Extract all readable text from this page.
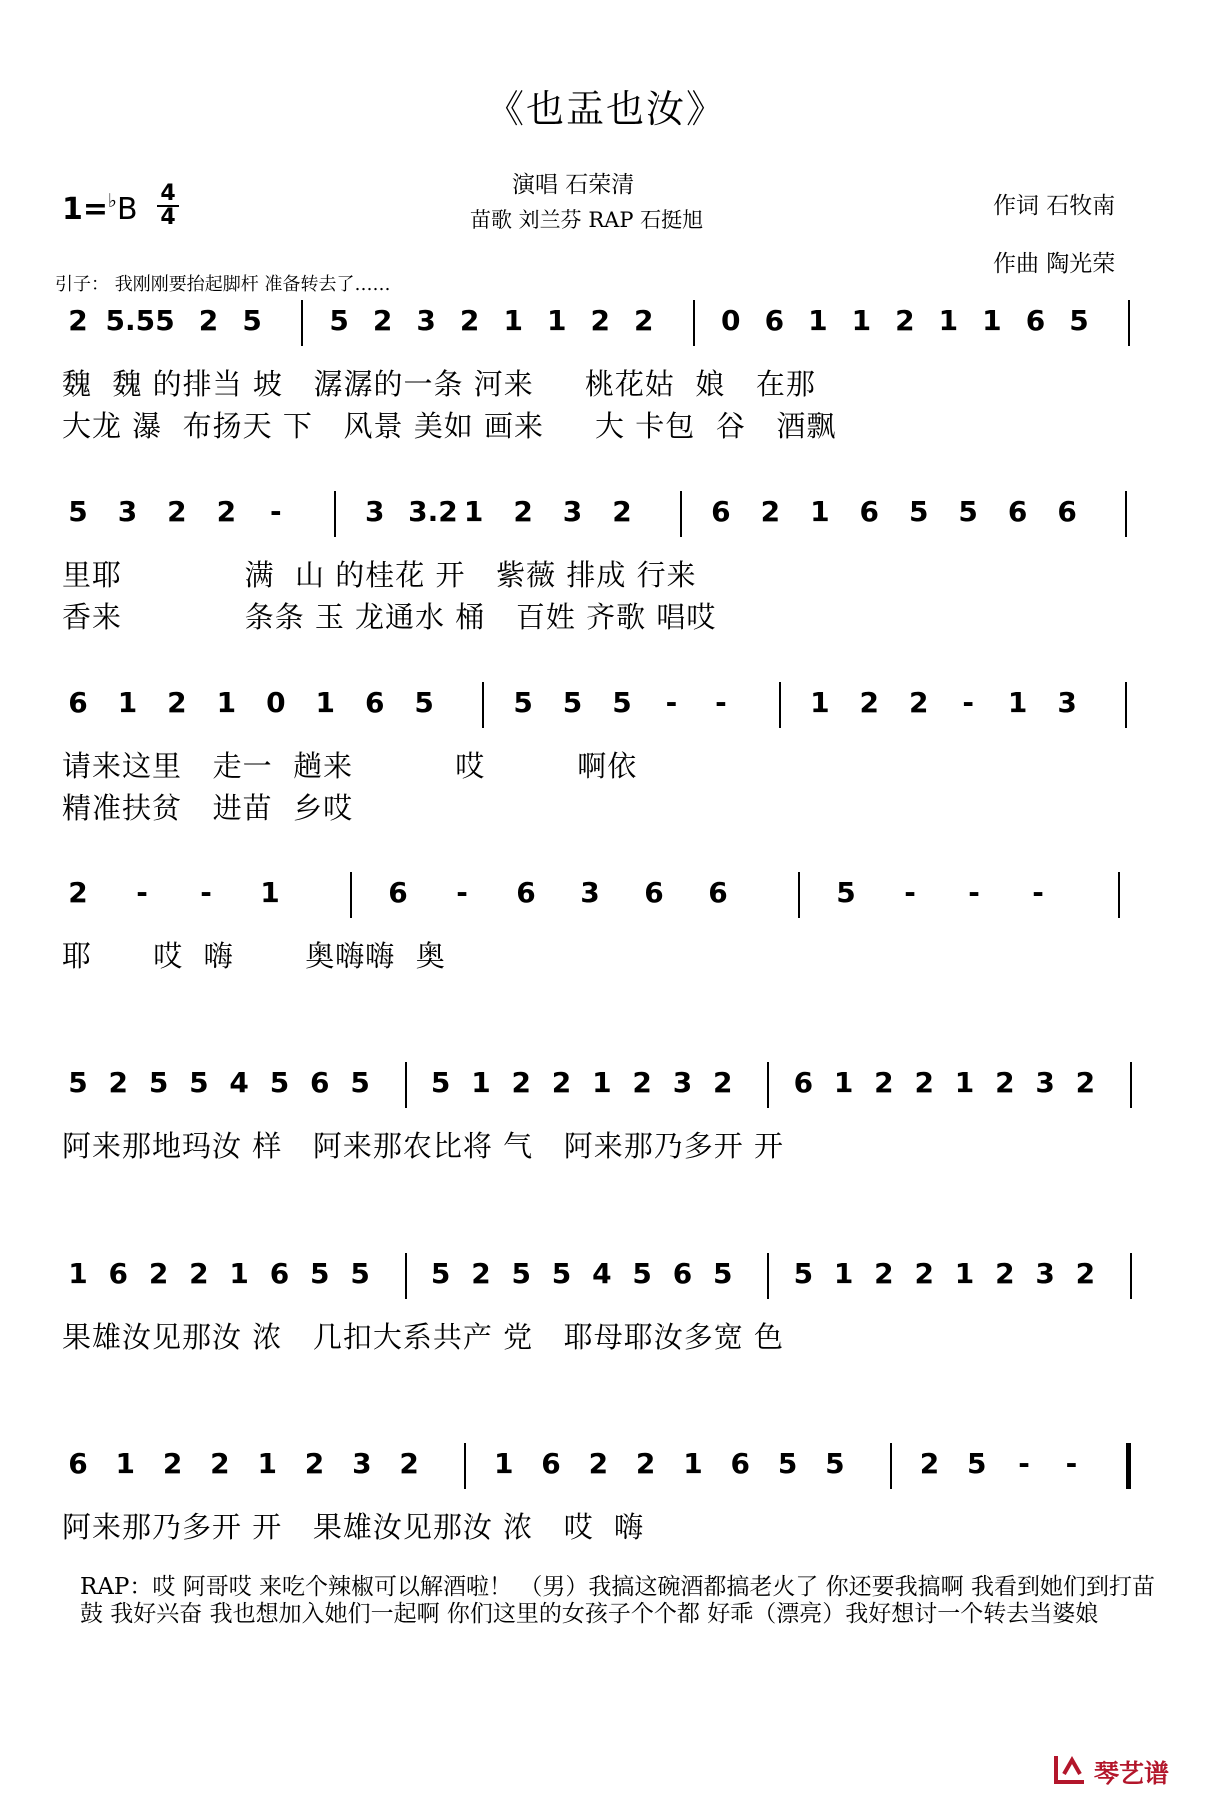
《也盂也汝》
演唱 石荣清
苗歌 刘兰芬 RAP 石挺旭
作词 石牧南
作曲 陶光荣
1=♭B 4
4
引子： 我刚刚要抬起脚杆 准备转去了……
2 5.5 5 2 5 5 2 3 2 1 1 2 2 0 6 1 1 2 1 1 6 5
魏  魏 的排当 坡   潺潺的一条 河来     桃花姑  娘   在那
大龙 瀑  布扬天 下   风景 美如 画来     大 卡包  谷   酒飘
5 3 2 2	-	3 3.2 1 2 3 2	6 2 1 6 5 5 6 6
里耶            满  山 的桂花 开   紫薇 排成 行来
香来            条条 玉 龙通水 桶   百姓 齐歌 唱哎
6 1 2 1 0 1 6 5	5 5 5	-	-	1 2 2	-	1 3
请来这里   走一  趟来          哎         啊依
精准扶贫   进苗  乡哎
2	-	-	1	6	-	6 3 6 6	5	-	-	-
耶      哎  嗨       奥嗨嗨  奥
5 2 5 5 4 5 6 5 5 1 2 2 1 2 3 2 6 1 2 2 1 2 3 2
阿来那地玛汝 样   阿来那农比将 气   阿来那乃多开 开
1 6 2 2 1 6 5 5 5 2 5 5 4 5 6 5 5 1 2 2 1 2 3 2
果雄汝见那汝 浓   几扣大系共产 党   耶母耶汝多宽 色
6 1 2 2 1 2 3 2	1 6 2 2 1 6 5 5	2 5	-	-
阿来那乃多开 开   果雄汝见那汝 浓   哎  嗨
RAP：哎 阿哥哎 来吃个辣椒可以解酒啦！ （男）我搞这碗酒都搞老火了 你还要我搞啊 我看到她们到打苗鼓 我好兴奋 我也想加入她们一起啊 你们这里的女孩子个个都 好乖（漂亮）我好想讨一个转去当婆娘
琴艺谱
